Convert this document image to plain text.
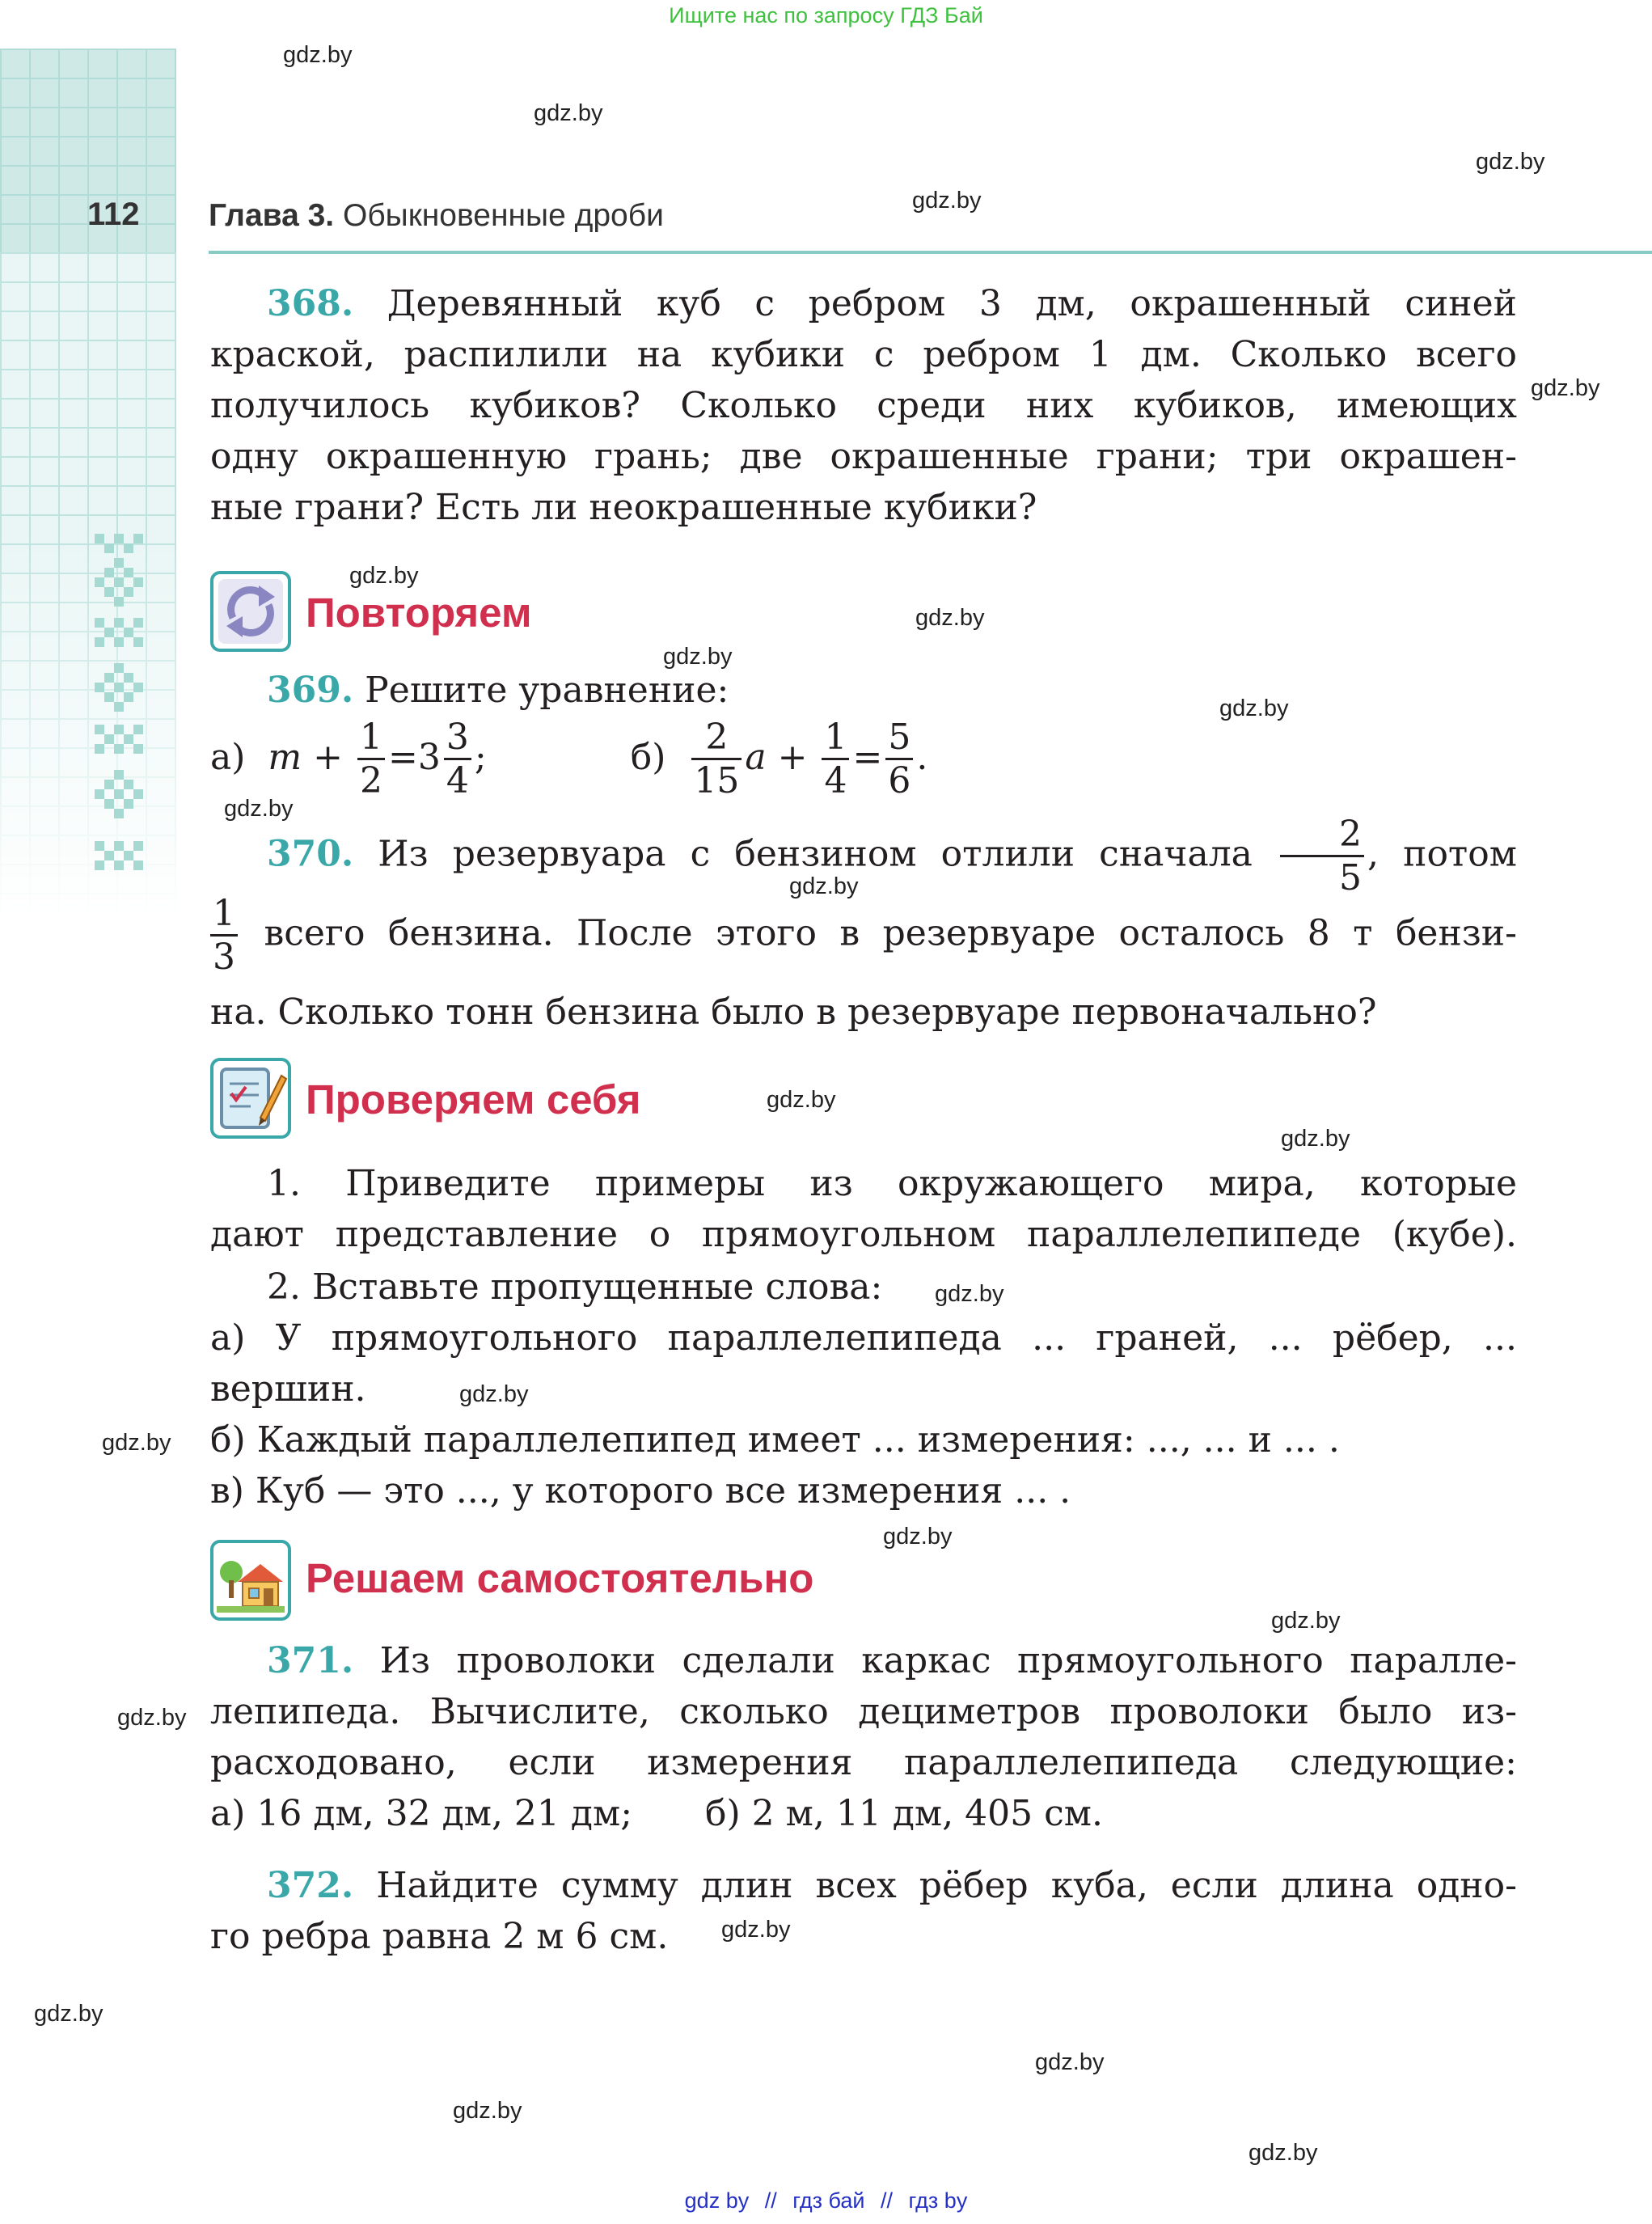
Ищите нас по запросу ГДЗ Бай
112 Глава 3. Обыкновенные дроби
368. Деревянный куб с ребром 3 дм, окрашенный синей
краской, распилили на кубики с ребром 1 дм. Сколько всего
получилось кубиков? Сколько среди них кубиков, имеющих
одну окрашенную грань; две окрашенные грани; три окрашен-
ные грани? Есть ли неокрашенные кубики?
Повторяем
369. Решите уравнение:
а) $m + \frac{1}{2} =3 \frac{3}{4}$ ;	$б) \frac{2}{15}$ $a + \frac{1}{4} = \frac{5}{6}$ .
370. Из резервуара с бензином отлили сначала $\frac{2}{5}$ , потом
$\frac{1}{3}$ всего бензина. После этого в резервуаре осталось 8 т бензи-
на. Сколько тонн бензина было в резервуаре первоначально?
Проверяем себя
1. Приведите примеры из окружающего мира, которые
дают представление о прямоугольном параллелепипеде (кубе).
2. Вставьте пропущенные слова:
а) У прямоугольного параллелепипеда ... граней, ... рёбер, ...
вершин.
б) Каждый параллелепипед имеет ... измерения: ..., ... и ... .
в) Куб — это ..., у которого все измерения ... .
Решаем самостоятельно
371. Из проволоки сделали каркас прямоугольного паралле-
лепипеда. Вычислите, сколько дециметров проволоки было из-
расходовано, если измерения параллелепипеда следующие:
а) 16 дм, 32 дм, 21 дм; б) 2 м, 11 дм, 405 см.
372. Найдите сумму длин всех рёбер куба, если длина одно-
го ребра равна 2 м 6 см.
gdz.by
gdz.by
gdz.by
gdz.by
gdz.by
gdz.by
gdz.by
gdz.by
gdz.by
gdz.by
gdz.by
gdz.by
gdz.by
gdz.by
gdz.by
gdz.by
gdz.by
gdz.by
gdz.by
gdz.by
gdz.by
gdz.by
gdz.by
gdz.by
gdz by // гдз бай // гдз by
